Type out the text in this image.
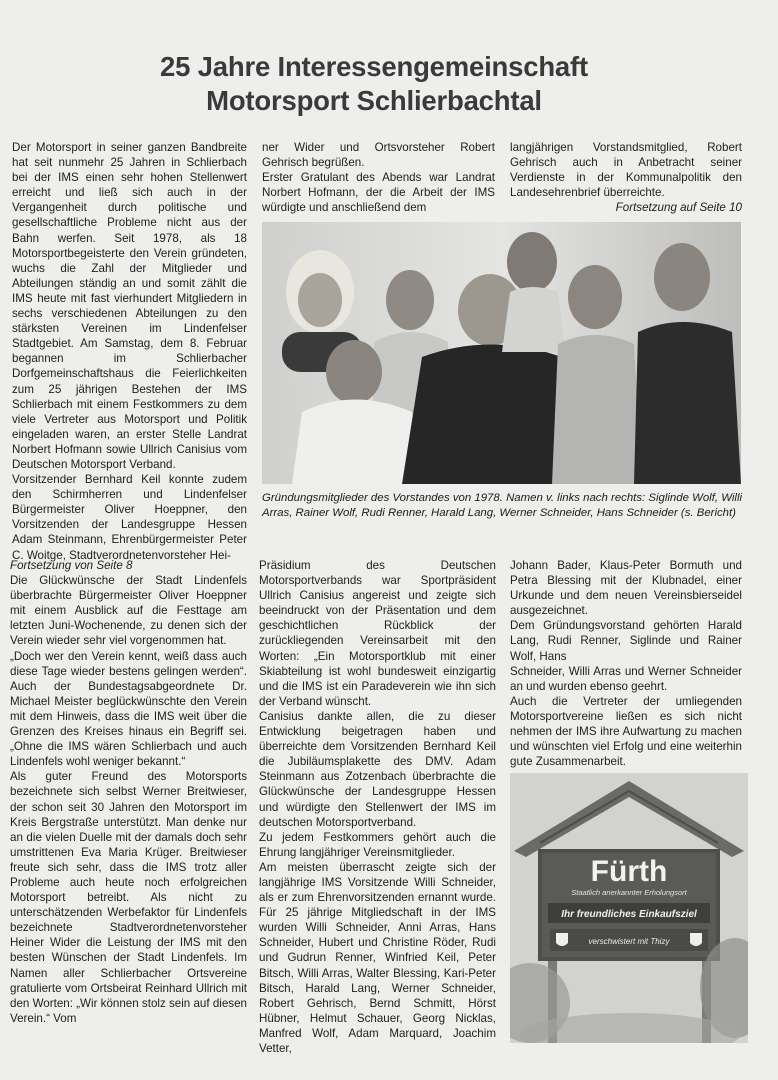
25 Jahre Interessengemeinschaft
Motorsport Schlierbachtal

Der Motorsport in seiner ganzen Bandbreite hat seit nunmehr 25 Jahren in Schlierbach bei der IMS einen sehr hohen Stellenwert erreicht und ließ sich auch in der Vergangenheit durch politische und gesellschaftliche Probleme nicht aus der Bahn werfen. Seit 1978, als 18 Motorsportbegeisterte den Verein gründeten, wuchs die Zahl der Mitglieder und Abteilungen ständig an und somit zählt die IMS heute mit fast vierhundert Mitgliedern in sechs verschiedenen Abteilungen zu den stärksten Vereinen im Lindenfelser Stadtgebiet. Am Samstag, dem 8. Februar begannen im Schlierbacher Dorfgemeinschaftshaus die Feierlichkeiten zum 25 jährigen Bestehen der IMS Schlierbach mit einem Festkommers zu dem viele Vertreter aus Motorsport und Politik eingeladen waren, an erster Stelle Landrat Norbert Hofmann sowie Ullrich Canisius vom Deutschen Motorsport Verband.

Vorsitzender Bernhard Keil konnte zudem den Schirmherren und Lindenfelser Bürgermeister Oliver Hoeppner, den Vorsitzenden der Landesgruppe Hessen Adam Steinmann, Ehrenbürgermeister Peter C. Woitge, Stadtverordnetenvorsteher Hei-

ner Wider und Ortsvorsteher Robert Gehrisch begrüßen.

Erster Gratulant des Abends war Landrat Norbert Hofmann, der die Arbeit der IMS würdigte und anschließend dem

langjährigen Vorstandsmitglied, Robert Gehrisch auch in Anbetracht seiner Verdienste in der Kommunalpolitik den Landesehrenbrief überreichte.

Fortsetzung auf Seite 10

Gründungsmitglieder des Vorstandes von 1978. Namen v. links nach rechts: Siglinde Wolf, Willi Arras, Rainer Wolf, Rudi Renner, Harald Lang, Werner Schneider, Hans Schneider (s. Bericht)

Fortsetzung von Seite 8

Die Glückwünsche der Stadt Lindenfels überbrachte Bürgermeister Oliver Hoeppner mit einem Ausblick auf die Festtage am letzten Juni-Wochenende, zu denen sich der Verein wieder sehr viel vorgenommen hat.

„Doch wer den Verein kennt, weiß dass auch diese Tage wieder bestens gelingen werden“. Auch der Bundestagsabgeordnete Dr. Michael Meister beglückwünschte den Verein mit dem Hinweis, dass die IMS weit über die Grenzen des Kreises hinaus ein Begriff sei. „Ohne die IMS wären Schlierbach und auch Lindenfels wohl weniger bekannt.“

Als guter Freund des Motorsports bezeichnete sich selbst Werner Breitwieser, der schon seit 30 Jahren den Motorsport im Kreis Bergstraße unterstützt. Man denke nur an die vielen Duelle mit der damals doch sehr umstrittenen Eva Maria Krüger. Breitwieser freute sich sehr, dass die IMS trotz aller Probleme auch heute noch erfolgreichen Motorsport betreibt. Als nicht zu unterschätzenden Werbefaktor für Lindenfels bezeichnete Stadtverordnetenvorsteher Heiner Wider die Leistung der IMS mit den besten Wünschen der Stadt Lindenfels. Im Namen aller Schlierbacher Ortsvereine gratulierte vom Ortsbeirat Reinhard Ullrich mit den Worten: „Wir können stolz sein auf diesen Verein.“ Vom

Präsidium des Deutschen Motorsportverbands war Sportpräsident Ullrich Canisius angereist und zeigte sich beeindruckt von der Präsentation und dem geschichtlichen Rückblick der zurückliegenden Vereinsarbeit mit den Worten: „Ein Motorsportklub mit einer Skiabteilung ist wohl bundesweit einzigartig und die IMS ist ein Paradeverein wie ihn sich der Verband wünscht.

Canisius dankte allen, die zu dieser Entwicklung beigetragen haben und überreichte dem Vorsitzenden Bernhard Keil die Jubiläumsplakette des DMV. Adam Steinmann aus Zotzenbach überbrachte die Glückwünsche der Landesgruppe Hessen und würdigte den Stellenwert der IMS im deutschen Motorsportverband.

Zu jedem Festkommers gehört auch die Ehrung langjähriger Vereinsmitglieder.

Am meisten überrascht zeigte sich der langjährige IMS Vorsitzende Willi Schneider, als er zum Ehrenvorsitzenden ernannt wurde. Für 25 jährige Mitgliedschaft in der IMS wurden Willi Schneider, Anni Arras, Hans Schneider, Hubert und Christine Röder, Rudi und Gudrun Renner, Winfried Keil, Peter Bitsch, Willi Arras, Walter Blessing, Kari-Peter Bitsch, Harald Lang, Werner Schneider, Robert Gehrisch, Bernd Schmitt, Hörst Hübner, Helmut Schauer, Georg Nicklas, Manfred Wolf, Adam Marquard, Joachim Vetter,

Johann Bader, Klaus-Peter Bormuth und Petra Blessing mit der Klubnadel, einer Urkunde und dem neuen Vereinsbierseidel ausgezeichnet.

Dem Gründungsvorstand gehörten Harald Lang, Rudi Renner, Siglinde und Rainer Wolf, Hans

Schneider, Willi Arras und Werner Schneider an und wurden ebenso geehrt.

Auch die Vertreter der umliegenden Motorsportvereine ließen es sich nicht nehmen der IMS ihre Aufwartung zu machen und wünschten viel Erfolg und eine weiterhin gute Zusammenarbeit.

Fürth
Staatlich anerkannter Erholungsort
Ihr freundliches Einkaufsziel
verschwistert mit Thizy
